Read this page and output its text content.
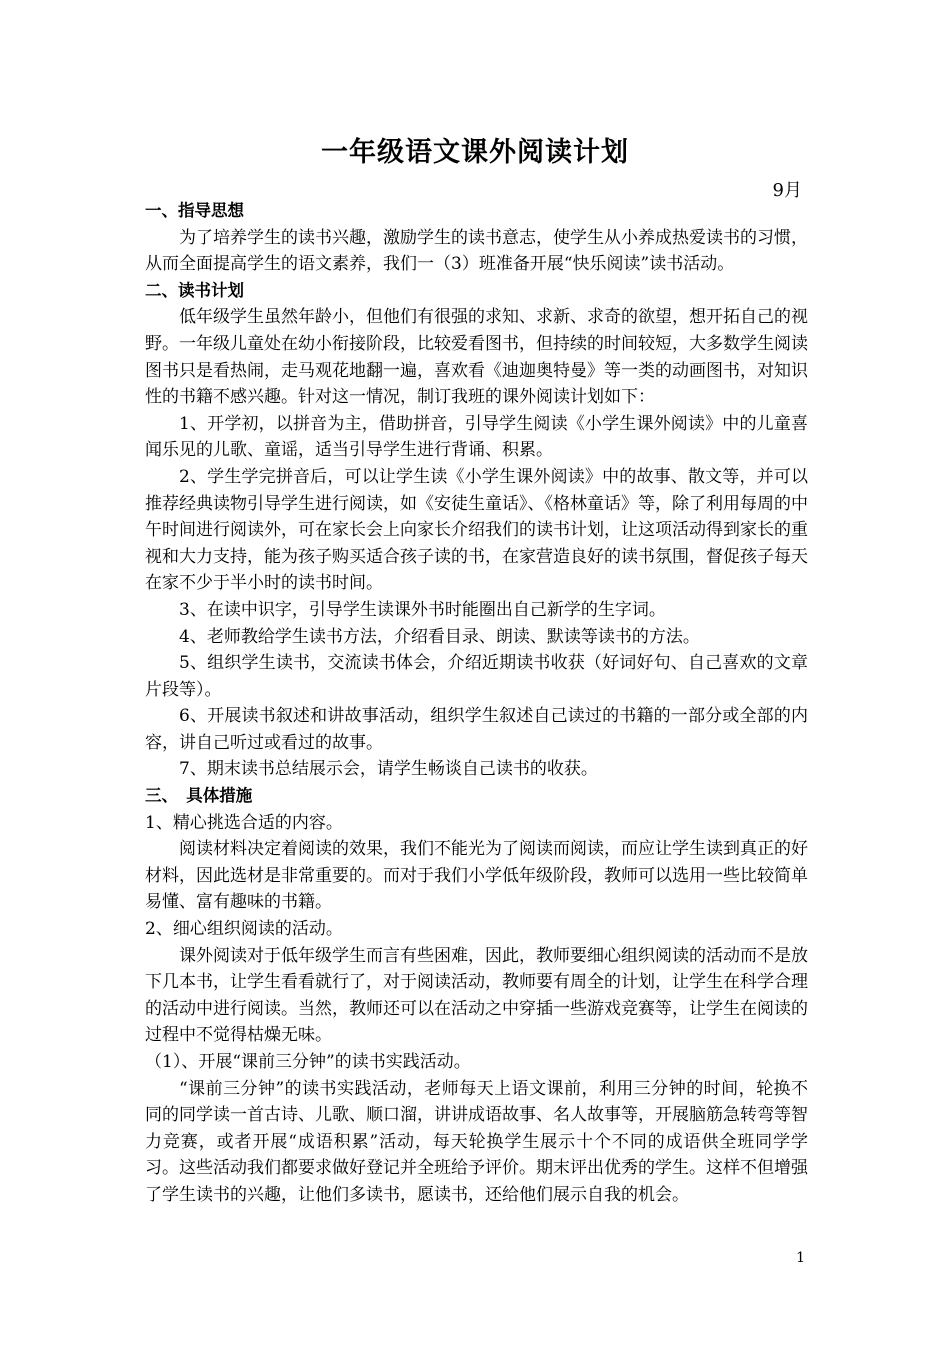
一年级语文课外阅读计划
9月

一、指导思想

为了培养学生的读书兴趣，激励学生的读书意志，使学生从小养成热爱读书的习惯，从而全面提高学生的语文素养，我们一（3）班准备开展“快乐阅读”读书活动。

二、读书计划

低年级学生虽然年龄小，但他们有很强的求知、求新、求奇的欲望，想开拓自己的视野。一年级儿童处在幼小衔接阶段，比较爱看图书，但持续的时间较短，大多数学生阅读图书只是看热闹，走马观花地翻一遍，喜欢看《迪迦奥特曼》等一类的动画图书，对知识性的书籍不感兴趣。针对这一情况，制订我班的课外阅读计划如下：

1、开学初，以拼音为主，借助拼音，引导学生阅读《小学生课外阅读》中的儿童喜闻乐见的儿歌、童谣，适当引导学生进行背诵、积累。

2、学生学完拼音后，可以让学生读《小学生课外阅读》中的故事、散文等，并可以推荐经典读物引导学生进行阅读，如《安徒生童话》、《格林童话》等，除了利用每周的中午时间进行阅读外，可在家长会上向家长介绍我们的读书计划，让这项活动得到家长的重视和大力支持，能为孩子购买适合孩子读的书，在家营造良好的读书氛围，督促孩子每天在家不少于半小时的读书时间。

3、在读中识字，引导学生读课外书时能圈出自己新学的生字词。

4、老师教给学生读书方法，介绍看目录、朗读、默读等读书的方法。

5、组织学生读书，交流读书体会，介绍近期读书收获（好词好句、自己喜欢的文章片段等）。

6、开展读书叙述和讲故事活动，组织学生叙述自己读过的书籍的一部分或全部的内容，讲自己听过或看过的故事。

7、期末读书总结展示会，请学生畅谈自己读书的收获。

三、　具体措施

1、精心挑选合适的内容。

阅读材料决定着阅读的效果，我们不能光为了阅读而阅读，而应让学生读到真正的好材料，因此选材是非常重要的。而对于我们小学低年级阶段，教师可以选用一些比较简单易懂、富有趣味的书籍。

2、细心组织阅读的活动。

课外阅读对于低年级学生而言有些困难，因此，教师要细心组织阅读的活动而不是放下几本书，让学生看看就行了，对于阅读活动，教师要有周全的计划，让学生在科学合理的活动中进行阅读。当然，教师还可以在活动之中穿插一些游戏竞赛等，让学生在阅读的过程中不觉得枯燥无味。

（1）、开展“课前三分钟”的读书实践活动。

“课前三分钟”的读书实践活动，老师每天上语文课前，利用三分钟的时间，轮换不同的同学读一首古诗、儿歌、顺口溜，讲讲成语故事、名人故事等，开展脑筋急转弯等智力竞赛，或者开展“成语积累”活动，每天轮换学生展示十个不同的成语供全班同学学习。这些活动我们都要求做好登记并全班给予评价。期末评出优秀的学生。这样不但增强了学生读书的兴趣，让他们多读书，愿读书，还给他们展示自我的机会。

1
